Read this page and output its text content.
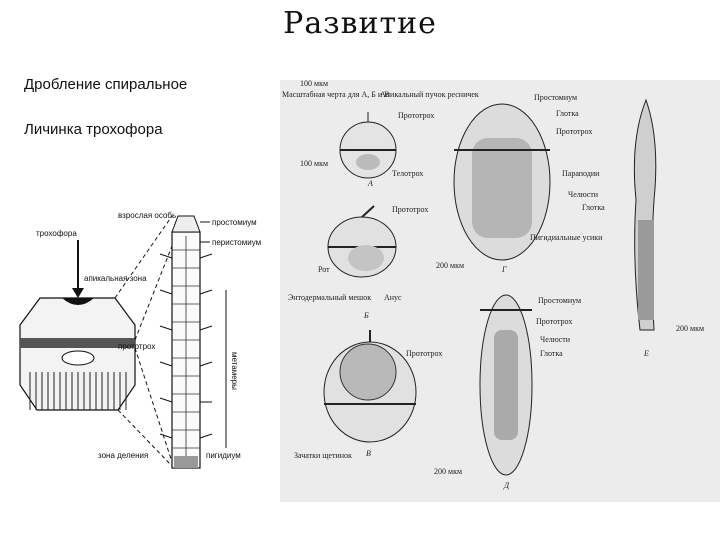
Развитие
Дробление спиральное
Личинка трохофора
трохофора
взрослая особь
апикальная зона
прототрох
простомиум
перистомиум
метамеры
зона деления	пигидиум
100 мкм
Масштабная черта для А, Б и В
100 мкм
Апикальный пучок ресничек
Прототрох
А
Телотрох
Прототрох
Рот
Энтодермальный мешок Анус
Б
Простомиум
Глотка
Прототрох
Параподии
Пигидиальные усики
200 мкм	Г
Челюсти
Глотка
200 мкм
Е
Простомиум
Прототрох
Челюсти
Глотка
Прототрох
Зачатки щетинок В
200 мкм
Д
